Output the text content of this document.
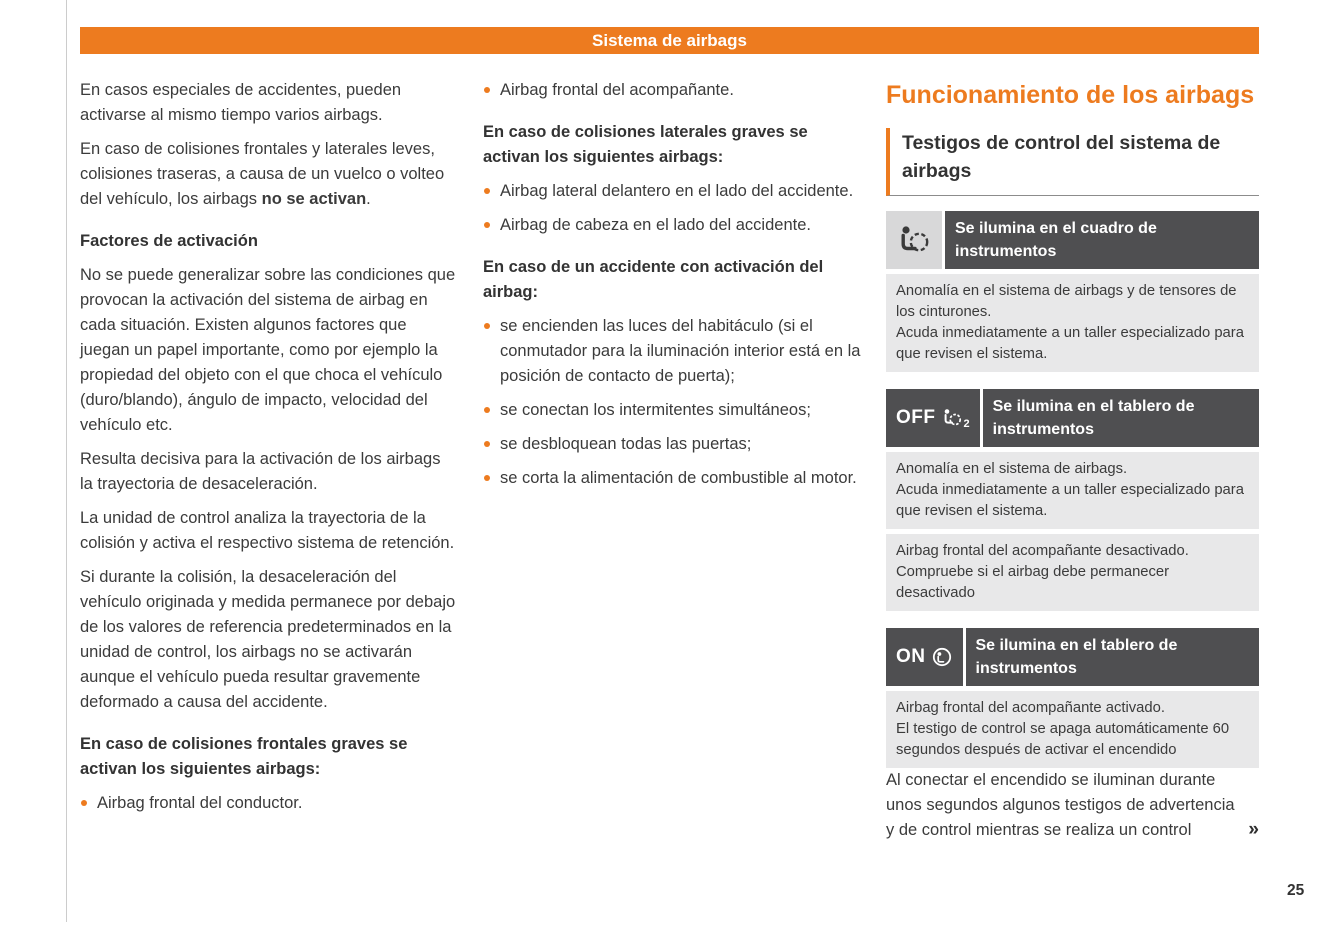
Sistema de airbags

En casos especiales de accidentes, pueden activarse al mismo tiempo varios airbags.

En caso de colisiones frontales y laterales leves, colisiones traseras, a causa de un vuelco o volteo del vehículo, los airbags no se activan.

Factores de activación

No se puede generalizar sobre las condiciones que provocan la activación del sistema de airbag en cada situación. Existen algunos factores que juegan un papel importante, como por ejemplo la propiedad del objeto con el que choca el vehículo (duro/blando), ángulo de impacto, velocidad del vehículo etc.

Resulta decisiva para la activación de los airbags la trayectoria de desaceleración.

La unidad de control analiza la trayectoria de la colisión y activa el respectivo sistema de retención.

Si durante la colisión, la desaceleración del vehículo originada y medida permanece por debajo de los valores de referencia predeterminados en la unidad de control, los airbags no se activarán aunque el vehículo pueda resultar gravemente deformado a causa del accidente.

En caso de colisiones frontales graves se activan los siguientes airbags:
Airbag frontal del conductor.
Airbag frontal del acompañante.
En caso de colisiones laterales graves se activan los siguientes airbags:
Airbag lateral delantero en el lado del accidente.
Airbag de cabeza en el lado del accidente.
En caso de un accidente con activación del airbag:
se encienden las luces del habitáculo (si el conmutador para la iluminación interior está en la posición de contacto de puerta);
se conectan los intermitentes simultáneos;
se desbloquean todas las puertas;
se corta la alimentación de combustible al motor.
Funcionamiento de los airbags
Testigos de control del sistema de airbags
Se ilumina en el cuadro de instrumentos
Anomalía en el sistema de airbags y de tensores de los cinturones.
Acuda inmediatamente a un taller especializado para que revisen el sistema.
OFF	2
Se ilumina en el tablero de instrumentos
Anomalía en el sistema de airbags.
Acuda inmediatamente a un taller especializado para que revisen el sistema.
Airbag frontal del acompañante desactivado.
Compruebe si el airbag debe permanecer desactivado
ON
Se ilumina en el tablero de instrumentos
Airbag frontal del acompañante activado.
El testigo de control se apaga automáticamente 60 segundos después de activar el encendido

Al conectar el encendido se iluminan durante unos segundos algunos testigos de advertencia y de control mientras se realiza un control	»

25
